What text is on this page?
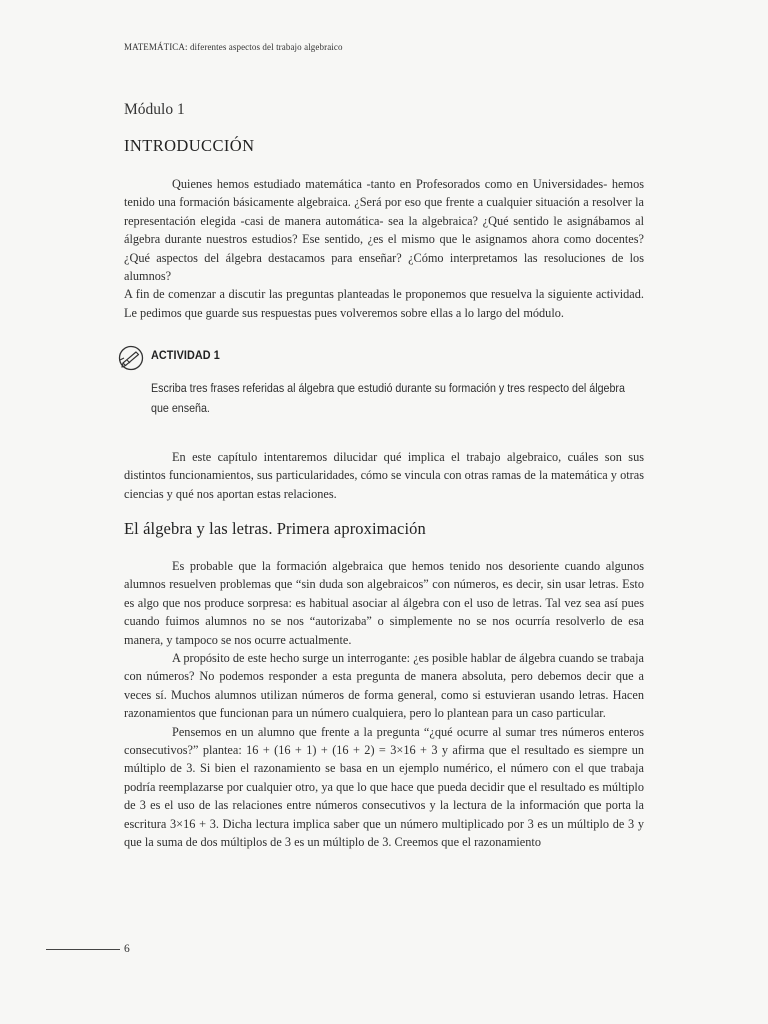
MATEMÁTICA: diferentes aspectos del trabajo algebraico
Módulo 1
INTRODUCCIÓN

Quienes hemos estudiado matemática -tanto en Profesorados como en Universidades- hemos tenido una formación básicamente algebraica. ¿Será por eso que frente a cualquier situación a resolver la representación elegida -casi de manera automática- sea la algebraica? ¿Qué sentido le asignábamos al álgebra durante nuestros estudios? Ese sentido, ¿es el mismo que le asignamos ahora como docentes? ¿Qué aspectos del álgebra destacamos para enseñar? ¿Cómo interpretamos las resoluciones de los alumnos?

A fin de comenzar a discutir las preguntas planteadas le proponemos que resuelva la siguiente actividad. Le pedimos que guarde sus respuestas pues volveremos sobre ellas a lo largo del módulo.

ACTIVIDAD 1
Escriba tres frases referidas al álgebra que estudió durante su formación y tres respecto del álgebra que enseña.

En este capítulo intentaremos dilucidar qué implica el trabajo algebraico, cuáles son sus distintos funcionamientos, sus particularidades, cómo se vincula con otras ramas de la matemática y otras ciencias y qué nos aportan estas relaciones.

El álgebra y las letras. Primera aproximación

Es probable que la formación algebraica que hemos tenido nos desoriente cuando algunos alumnos resuelven problemas que “sin duda son algebraicos” con números, es decir, sin usar letras. Esto es algo que nos produce sorpresa: es habitual asociar al álgebra con el uso de letras. Tal vez sea así pues cuando fuimos alumnos no se nos “autorizaba” o simplemente no se nos ocurría resolverlo de esa manera, y tampoco se nos ocurre actualmente.

A propósito de este hecho surge un interrogante: ¿es posible hablar de álgebra cuando se trabaja con números? No podemos responder a esta pregunta de manera absoluta, pero debemos decir que a veces sí. Muchos alumnos utilizan números de forma general, como si estuvieran usando letras. Hacen razonamientos que funcionan para un número cualquiera, pero lo plantean para un caso particular.

Pensemos en un alumno que frente a la pregunta “¿qué ocurre al sumar tres números enteros consecutivos?” plantea: 16 + (16 + 1) + (16 + 2) = 3×16 + 3 y afirma que el resultado es siempre un múltiplo de 3. Si bien el razonamiento se basa en un ejemplo numérico, el número con el que trabaja podría reemplazarse por cualquier otro, ya que lo que hace que pueda decidir que el resultado es múltiplo de 3 es el uso de las relaciones entre números consecutivos y la lectura de la información que porta la escritura 3×16 + 3. Dicha lectura implica saber que un número multiplicado por 3 es un múltiplo de 3 y que la suma de dos múltiplos de 3 es un múltiplo de 3. Creemos que el razonamiento

6
